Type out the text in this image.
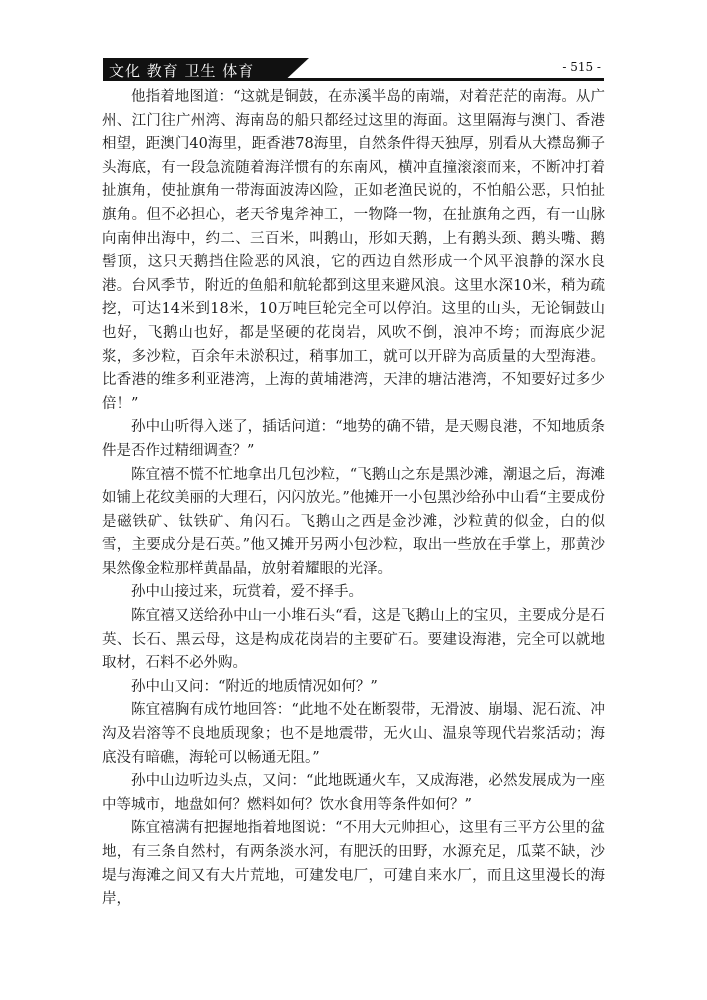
文化 教育 卫生 体育	- 515 -

他指着地图道：“这就是铜鼓，在赤溪半岛的南端，对着茫茫的南海。从广州、江门往广州湾、海南岛的船只都经过这里的海面。这里隔海与澳门、香港相望，距澳门40海里，距香港78海里，自然条件得天独厚，别看从大襟岛狮子头海底，有一段急流随着海洋惯有的东南风，横冲直撞滚滚而来，不断冲打着扯旗角，使扯旗角一带海面波涛凶险，正如老渔民说的，不怕船公恶，只怕扯旗角。但不必担心，老天爷鬼斧神工，一物降一物，在扯旗角之西，有一山脉向南伸出海中，约二、三百米，叫鹅山，形如天鹅，上有鹅头颈、鹅头嘴、鹅髻顶，这只天鹅挡住险恶的风浪，它的西边自然形成一个风平浪静的深水良港。台风季节，附近的鱼船和航轮都到这里来避风浪。这里水深10米，稍为疏挖，可达14米到18米，10万吨巨轮完全可以停泊。这里的山头，无论铜鼓山也好，飞鹅山也好，都是坚硬的花岗岩，风吹不倒，浪冲不垮；而海底少泥浆，多沙粒，百余年未淤积过，稍事加工，就可以开辟为高质量的大型海港。比香港的维多利亚港湾，上海的黄埔港湾，天津的塘沽港湾，不知要好过多少倍！”

孙中山听得入迷了，插话问道：“地势的确不错，是天赐良港，不知地质条件是否作过精细调查？”

陈宜禧不慌不忙地拿出几包沙粒，“飞鹅山之东是黑沙滩，潮退之后，海滩如铺上花纹美丽的大理石，闪闪放光。”他摊开一小包黑沙给孙中山看“主要成份是磁铁矿、钛铁矿、角闪石。飞鹅山之西是金沙滩，沙粒黄的似金，白的似雪，主要成分是石英。”他又摊开另两小包沙粒，取出一些放在手掌上，那黄沙果然像金粒那样黄晶晶，放射着耀眼的光泽。

孙中山接过来，玩赏着，爱不择手。

陈宜禧又送给孙中山一小堆石头“看，这是飞鹅山上的宝贝，主要成分是石英、长石、黑云母，这是构成花岗岩的主要矿石。要建设海港，完全可以就地取材，石料不必外购。

孙中山又问：“附近的地质情况如何？”

陈宜禧胸有成竹地回答：“此地不处在断裂带，无滑波、崩塌、泥石流、冲沟及岩溶等不良地质现象；也不是地震带，无火山、温泉等现代岩浆活动；海底没有暗礁，海轮可以畅通无阻。”

孙中山边听边头点，又问：“此地既通火车，又成海港，必然发展成为一座中等城市，地盘如何？燃料如何？饮水食用等条件如何？”

陈宜禧满有把握地指着地图说：“不用大元帅担心，这里有三平方公里的盆地，有三条自然村，有两条淡水河，有肥沃的田野，水源充足，瓜菜不缺，沙堤与海滩之间又有大片荒地，可建发电厂，可建自来水厂，而且这里漫长的海岸，
